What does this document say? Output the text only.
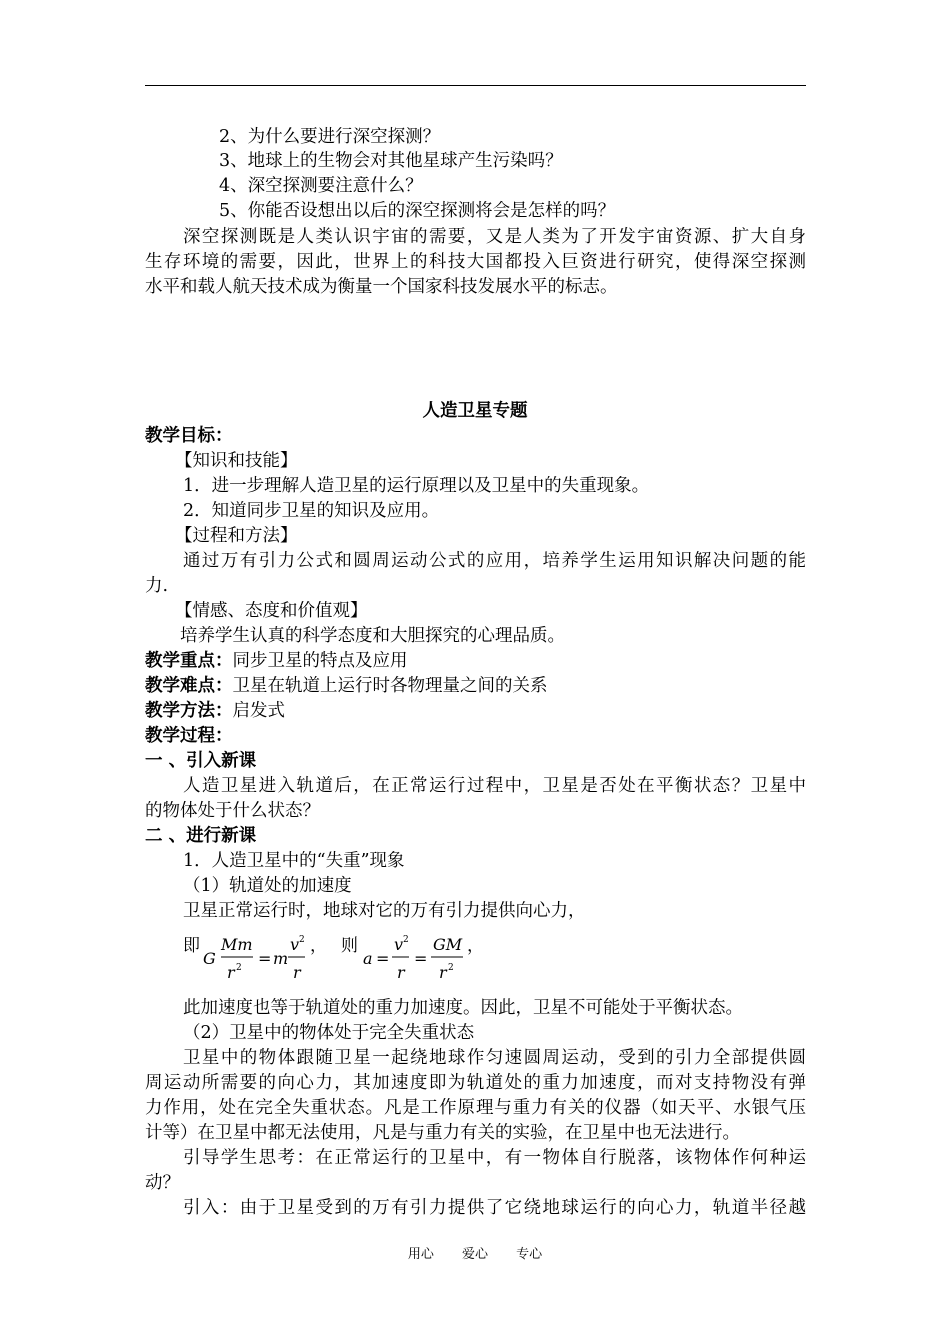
2、为什么要进行深空探测？
3、地球上的生物会对其他星球产生污染吗？
4、深空探测要注意什么？
5、你能否设想出以后的深空探测将会是怎样的吗？
深空探测既是人类认识宇宙的需要，又是人类为了开发宇宙资源、扩大自身
生存环境的需要，因此，世界上的科技大国都投入巨资进行研究，使得深空探测
水平和载人航天技术成为衡量一个国家科技发展水平的标志。
人造卫星专题
教学目标：
【知识和技能】
1．进一步理解人造卫星的运行原理以及卫星中的失重现象。
2．知道同步卫星的知识及应用。
【过程和方法】
通过万有引力公式和圆周运动公式的应用，培养学生运用知识解决问题的能
力.
【情感、态度和价值观】
培养学生认真的科学态度和大胆探究的心理品质。
教学重点：同步卫星的特点及应用
教学难点：卫星在轨道上运行时各物理量之间的关系
教学方法：启发式
教学过程：
一 、引入新课
人造卫星进入轨道后，在正常运行过程中，卫星是否处在平衡状态？卫星中
的物体处于什么状态？
二 、进行新课
1．人造卫星中的“失重”现象
（1）轨道处的加速度
卫星正常运行时，地球对它的万有引力提供向心力，
即
G
Mm
r 2 = m
v 2
r
， 则
a =
v 2
r
=
GM
r 2
，
此加速度也等于轨道处的重力加速度。因此，卫星不可能处于平衡状态。
（2）卫星中的物体处于完全失重状态
卫星中的物体跟随卫星一起绕地球作匀速圆周运动，受到的引力全部提供圆
周运动所需要的向心力，其加速度即为轨道处的重力加速度，而对支持物没有弹
力作用，处在完全失重状态。凡是工作原理与重力有关的仪器（如天平、水银气压
计等）在卫星中都无法使用，凡是与重力有关的实验，在卫星中也无法进行。
引导学生思考：在正常运行的卫星中，有一物体自行脱落，该物体作何种运
动？
引入：由于卫星受到的万有引力提供了它绕地球运行的向心力，轨道半径越
用心 爱心 专心
